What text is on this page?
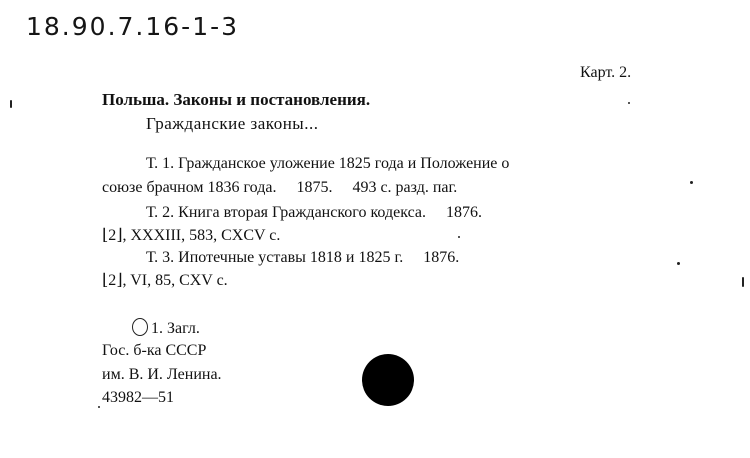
18.90.7.16-1-3
Карт. 2.
Польша. Законы и постановления.
Гражданские законы...
Т. 1. Гражданское уложение 1825 года и Положение о
союзе брачном 1836 года.     1875.     493 с. разд. паг.
Т. 2. Книга вторая Гражданского кодекса.     1876.
⌊2⌋, XXXIII, 583, CXCV с.
Т. 3. Ипотечные уставы 1818 и 1825 г.     1876.
⌊2⌋, VI, 85, CXV с.
1. Загл.
Гос. б-ка СССР
им. В. И. Ленина.
43982—51
